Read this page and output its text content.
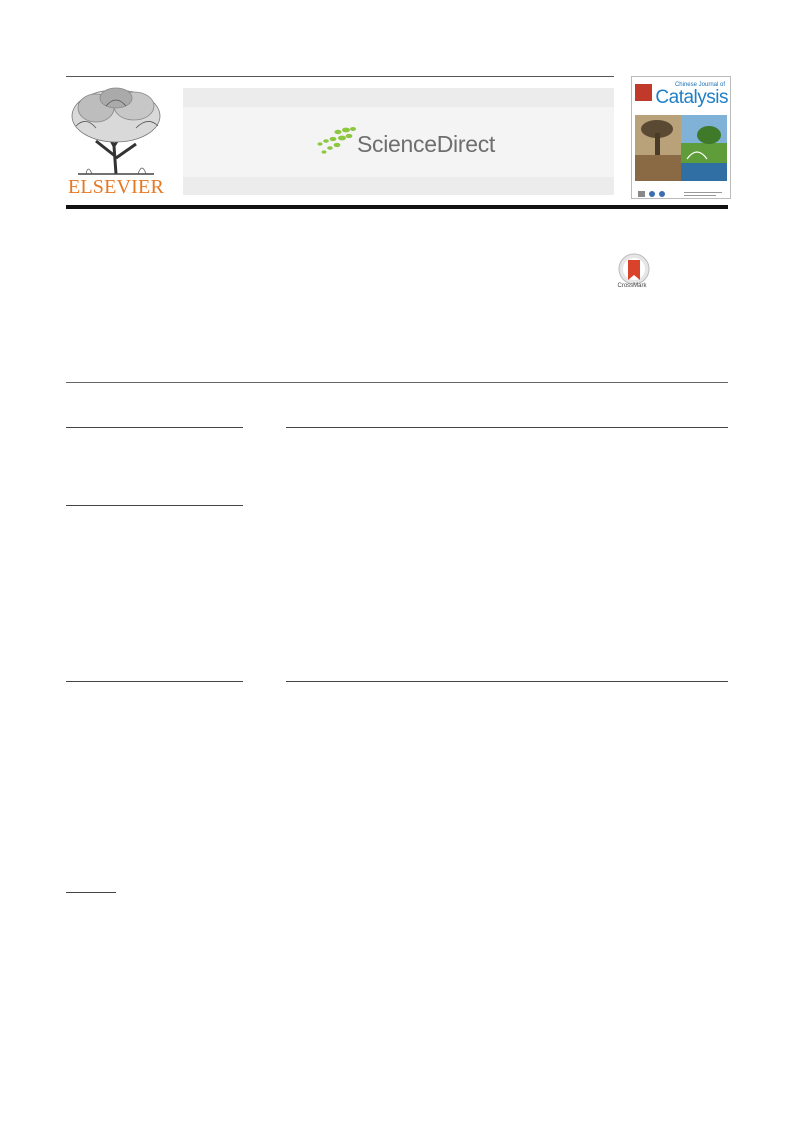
ELSEVIER
ScienceDirect
Chinese Journal of
Catalysis
CrossMark
